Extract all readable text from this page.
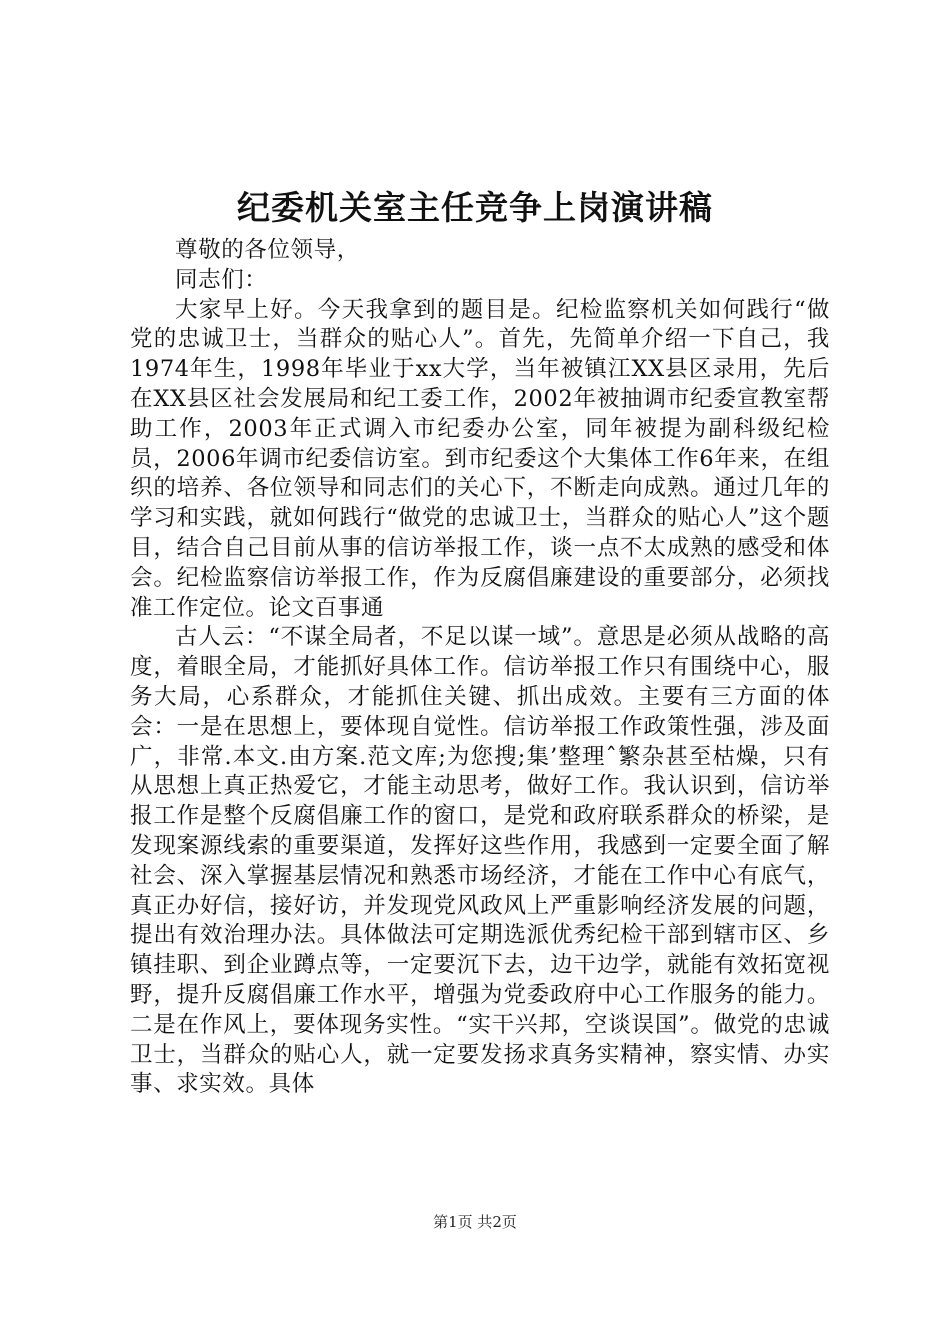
纪委机关室主任竞争上岗演讲稿

尊敬的各位领导，

同志们：

大家早上好。今天我拿到的题目是。纪检监察机关如何践行“做党的忠诚卫士，当群众的贴心人”。首先，先简单介绍一下自己，我1974年生，1998年毕业于xx大学，当年被镇江XX县区录用，先后在XX县区社会发展局和纪工委工作，2002年被抽调市纪委宣教室帮助工作，2003年正式调入市纪委办公室，同年被提为副科级纪检员，2006年调市纪委信访室。到市纪委这个大集体工作6年来，在组织的培养、各位领导和同志们的关心下，不断走向成熟。通过几年的学习和实践，就如何践行“做党的忠诚卫士，当群众的贴心人”这个题目，结合自己目前从事的信访举报工作，谈一点不太成熟的感受和体会。纪检监察信访举报工作，作为反腐倡廉建设的重要部分，必须找准工作定位。论文百事通

古人云：“不谋全局者，不足以谋一域”。意思是必须从战略的高度，着眼全局，才能抓好具体工作。信访举报工作只有围绕中心，服务大局，心系群众，才能抓住关键、抓出成效。主要有三方面的体会：一是在思想上，要体现自觉性。信访举报工作政策性强，涉及面广，非常.本文.由方案.范文库;为您搜;集’整理ˆ繁杂甚至枯燥，只有从思想上真正热爱它，才能主动思考，做好工作。我认识到，信访举报工作是整个反腐倡廉工作的窗口，是党和政府联系群众的桥梁，是发现案源线索的重要渠道，发挥好这些作用，我感到一定要全面了解社会、深入掌握基层情况和熟悉市场经济，才能在工作中心有底气，真正办好信，接好访，并发现党风政风上严重影响经济发展的问题，提出有效治理办法。具体做法可定期选派优秀纪检干部到辖市区、乡镇挂职、到企业蹲点等，一定要沉下去，边干边学，就能有效拓宽视野，提升反腐倡廉工作水平，增强为党委政府中心工作服务的能力。二是在作风上，要体现务实性。“实干兴邦，空谈误国”。做党的忠诚卫士，当群众的贴心人，就一定要发扬求真务实精神，察实情、办实事、求实效。具体

第1页 共2页
